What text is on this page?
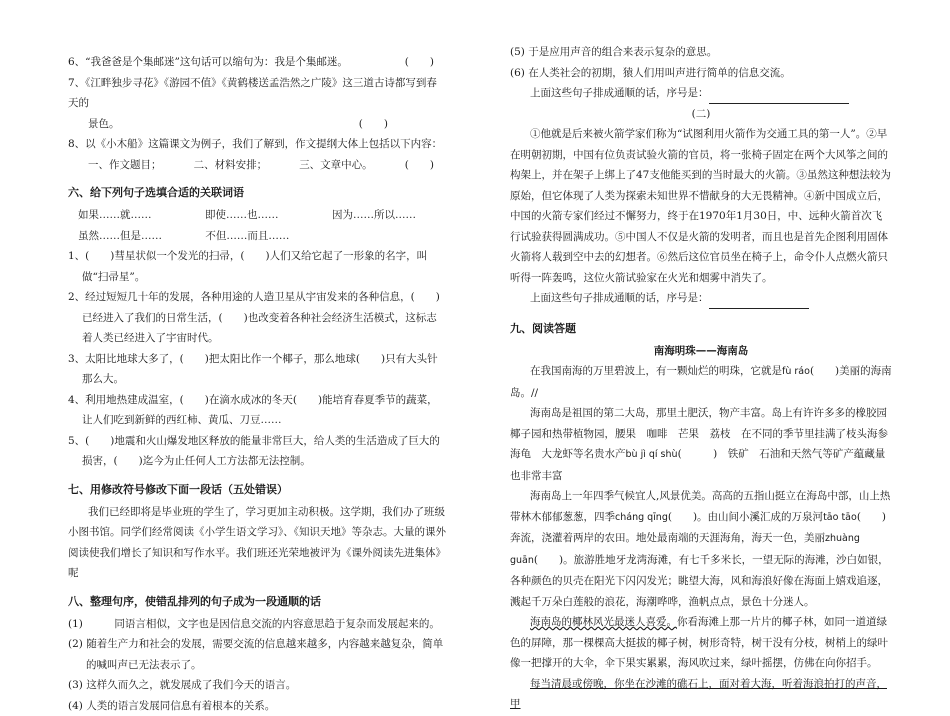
6、“我爸爸是个集邮迷”这句话可以缩句为：我是个集邮迷。	(　　)

7、《江畔独步寻花》《游园不值》《黄鹤楼送孟浩然之广陵》这三道古诗都写到春天的

景色。	(　　)

8、以《小木船》这篇课文为例子，我们了解到，作文提纲大体上包括以下内容：

一、作文题目；	二、材料安排；	三、文章中心。	(　　)
六、给下列句子选填合适的关联词语
如果……就……	即使……也……	因为……所以……
虽然……但是……	不但……而且……

1、(　　)彗星状似一个发光的扫帚，(　　)人们又给它起了一形象的名字，叫做“扫帚星”。

2、经过短短几十年的发展，各种用途的人造卫星从宇宙发来的各种信息，(　　)已经进入了我们的日常生活，(　　)也改变着各种社会经济生活模式，这标志着人类已经进入了宇宙时代。

3、太阳比地球大多了，(　　)把太阳比作一个椰子，那么地球(　　)只有大头针那么大。

4、利用地热建成温室，(　　)在滴水成冰的冬天(　　)能培育春夏季节的蔬菜，让人们吃到新鲜的西红柿、黄瓜、刀豆……

5、(　　)地震和火山爆发地区释放的能量非常巨大，给人类的生活造成了巨大的损害，(　　)迄今为止任何人工方法都无法控制。

七、用修改符号修改下面一段话（五处错误）

我们已经即将是毕业班的学生了，学习更加主动积极。这学期，我们办了班级小图书馆。同学们经常阅读《小学生语文学习》、《知识天地》等杂志。大量的课外阅读使我们增长了知识和写作水平。我们班还光荣地被评为《课外阅读先进集体》呢

八、整理句序，使错乱排列的句子成为一段通顺的话

(1)　　　同语言相似，文字也是因信息交流的内容意思趋于复杂而发展起来的。

(2) 随着生产力和社会的发展，需要交流的信息越来越多，内容越来越复杂，简单的喊叫声已无法表示了。

(3) 这样久而久之，就发展成了我们今天的语言。

(4) 人类的语言发展同信息有着根本的关系。

(5) 于是应用声音的组合来表示复杂的意思。

(6) 在人类社会的初期，猿人们用叫声进行简单的信息交流。

上面这些句子排成通顺的话，序号是：

(二)

①他就是后来被火箭学家们称为“试图利用火箭作为交通工具的第一人”。②早在明朝初期，中国有位负责试验火箭的官员，将一张椅子固定在两个大风筝之间的构架上，并在架子上绑上了47支他能买到的当时最大的火箭。③虽然这种想法较为原始，但它体现了人类为探索未知世界不惜献身的大无畏精神。④新中国成立后，中国的火箭专家们经过不懈努力，终于在1970年1月30日，中、远种火箭首次飞行试验获得圆满成功。⑤中国人不仅是火箭的发明者，而且也是首先企图利用固体火箭将人载到空中去的幻想者。⑥然后这位官员坐在椅子上，命令仆人点燃火箭只听得一阵轰鸣，这位火箭试验家在火光和烟雾中消失了。

上面这些句子排成通顺的话，序号是：

九、阅读答题

南海明珠——海南岛

在我国南海的万里碧波上，有一颗灿烂的明珠，它就是fù ráo(　　)美丽的海南岛。//

海南岛是祖国的第二大岛，那里土肥沃，物产丰富。岛上有许许多多的橡胶园　椰子园和热带植物园，腰果　咖啡　芒果　荔枝　在不同的季节里挂满了枝头海参　海龟　大龙虾等名贵水产bù jì qí shù(　　　)　铁矿　石油和天然气等矿产蕴藏量也非常丰富

海南岛上一年四季气候宜人,风景优美。高高的五指山挺立在海岛中部，山上热带林木郁郁葱葱，四季cháng qīng(　　)。由山间小溪汇成的万泉河tāo tāo(　　)奔流，浇灌着两岸的农田。地处最南端的天涯海角，海天一色，美丽zhuàng guān(　　)。旅游胜地牙龙湾海滩，有七千多米长，一望无际的海滩，沙白如银，各种颜色的贝壳在阳光下闪闪发光；眺望大海，风和海浪好像在海面上嬉戏追逐，溅起千万朵白莲般的浪花，海潮哗哗，渔帆点点，景色十分迷人。

海南岛的椰林风光最迷人喜爱。你看海滩上那一片片的椰子林，如同一道道绿色的屏障，那一棵棵高大挺拔的椰子树，树形奇特，树干没有分枝，树梢上的绿叶像一把撑开的大伞，伞下果实累累，海风吹过来，绿叶摇摆，仿佛在向你招手。

每当清晨或傍晚，你坐在沙滩的礁石上，面对着大海，听着海浪拍打的声音，甲
